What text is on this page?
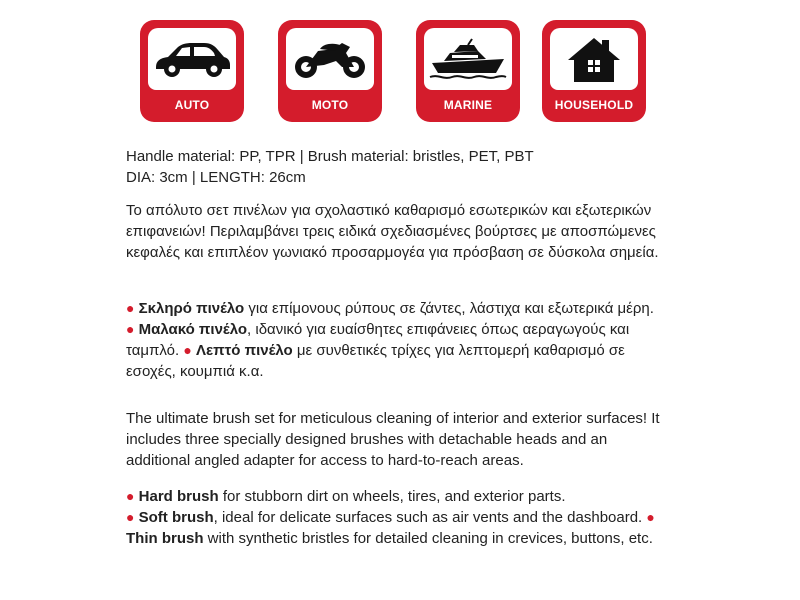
AUTO	MOTO	MARINE	HOUSEHOLD

Handle material: PP, TPR | Brush material: bristles, PET, PBT

DIA: 3cm | LENGTH: 26cm

Το απόλυτο σετ πινέλων για σχολαστικό καθαρισμό εσωτερικών και εξωτερικών επιφανειών! Περιλαμβάνει τρεις ειδικά σχεδιασμένες βούρτσες με αποσπώμενες κεφαλές και επιπλέον γωνιακό προσαρμογέα για πρόσβαση σε δύσκολα σημεία.

● Σκληρό πινέλο για επίμονους ρύπους σε ζάντες, λάστιχα και εξωτερικά μέρη. ● Μαλακό πινέλο, ιδανικό για ευαίσθητες επιφάνειες όπως αεραγωγούς και ταμπλό. ● Λεπτό πινέλο με συνθετικές τρίχες για λεπτομερή καθαρισμό σε εσοχές, κουμπιά κ.α.

The ultimate brush set for meticulous cleaning of interior and exterior surfaces! It includes three specially designed brushes with detachable heads and an additional angled adapter for access to hard-to-reach areas.

● Hard brush for stubborn dirt on wheels, tires, and exterior parts.

● Soft brush, ideal for delicate surfaces such as air vents and the dashboard. ● Thin brush with synthetic bristles for detailed cleaning in crevices, buttons, etc.
